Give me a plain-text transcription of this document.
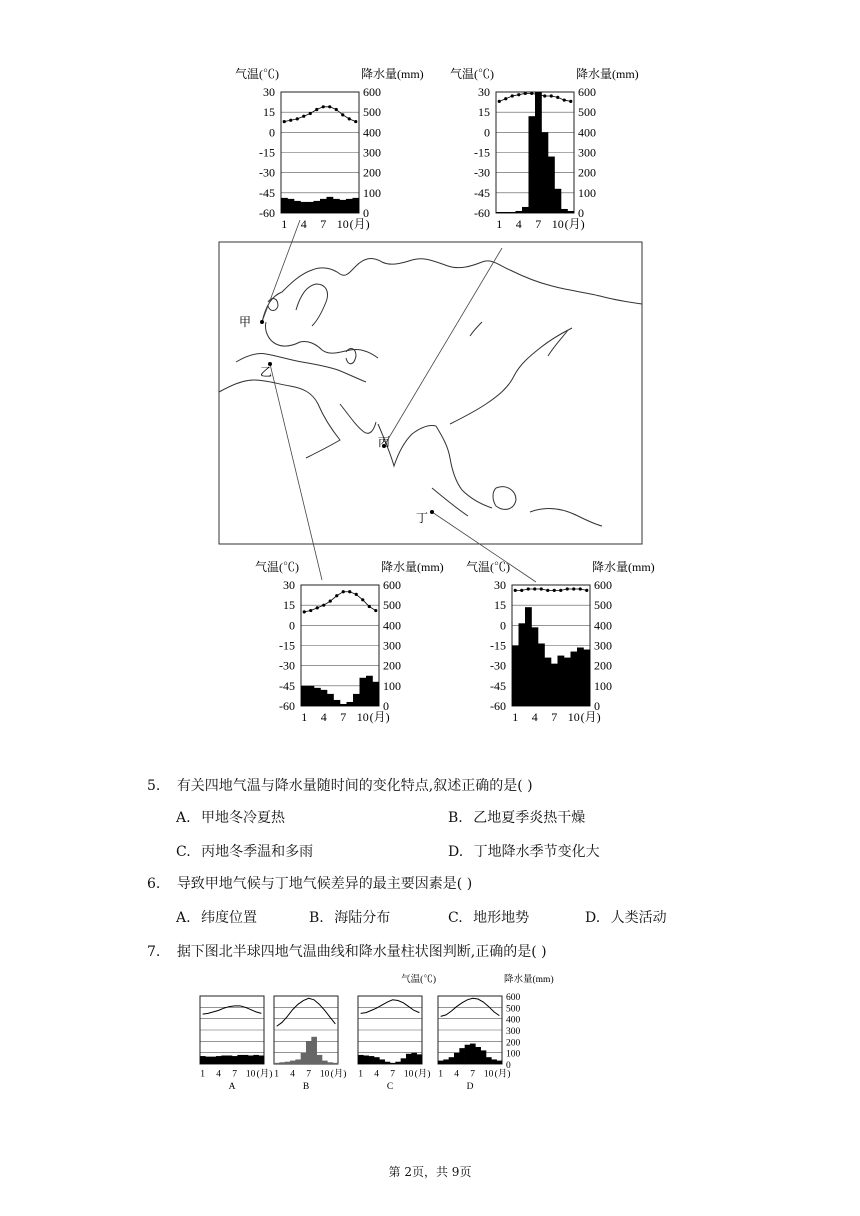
气温(℃)	降水量(mm)
30
15
0
-15
-30
-45
-60
600
500
400
300
200
100
0
1 4 7 10 (月)
气温(℃)	降水量(mm)
30
15
0
-15
-30
-45
-60
600
500
400
300
200
100
0
1 4 7 10 (月)
甲
乙
丙
丁
气温(℃)	降水量(mm)
30
15
0
-15
-30
-45
-60
600
500
400
300
200
100
0
1 4 7 10 (月)
气温(℃)	降水量(mm)
30
15
0
-15
-30
-45
-60
600
500
400
300
200
100
0
1 4 7 10 (月)
5. 有关四地气温与降水量随时间的变化特点,叙述正确的是( )
A. 甲地冬冷夏热	B. 乙地夏季炎热干燥
C. 丙地冬季温和多雨	D. 丁地降水季节变化大
6. 导致甲地气候与丁地气候差异的最主要因素是( )
A. 纬度位置	B. 海陆分布	C. 地形地势	D. 人类活动
7. 据下图北半球四地气温曲线和降水量柱状图判断,正确的是( )
1 4 7 10 (月)
A
1 4 7 10 (月)
B
1 4 7 10 (月)
C
气温(℃)	降水量(mm)
600
500
400
300
200
100
0
1 4 7 10 (月)
D
第 2页，共 9页
